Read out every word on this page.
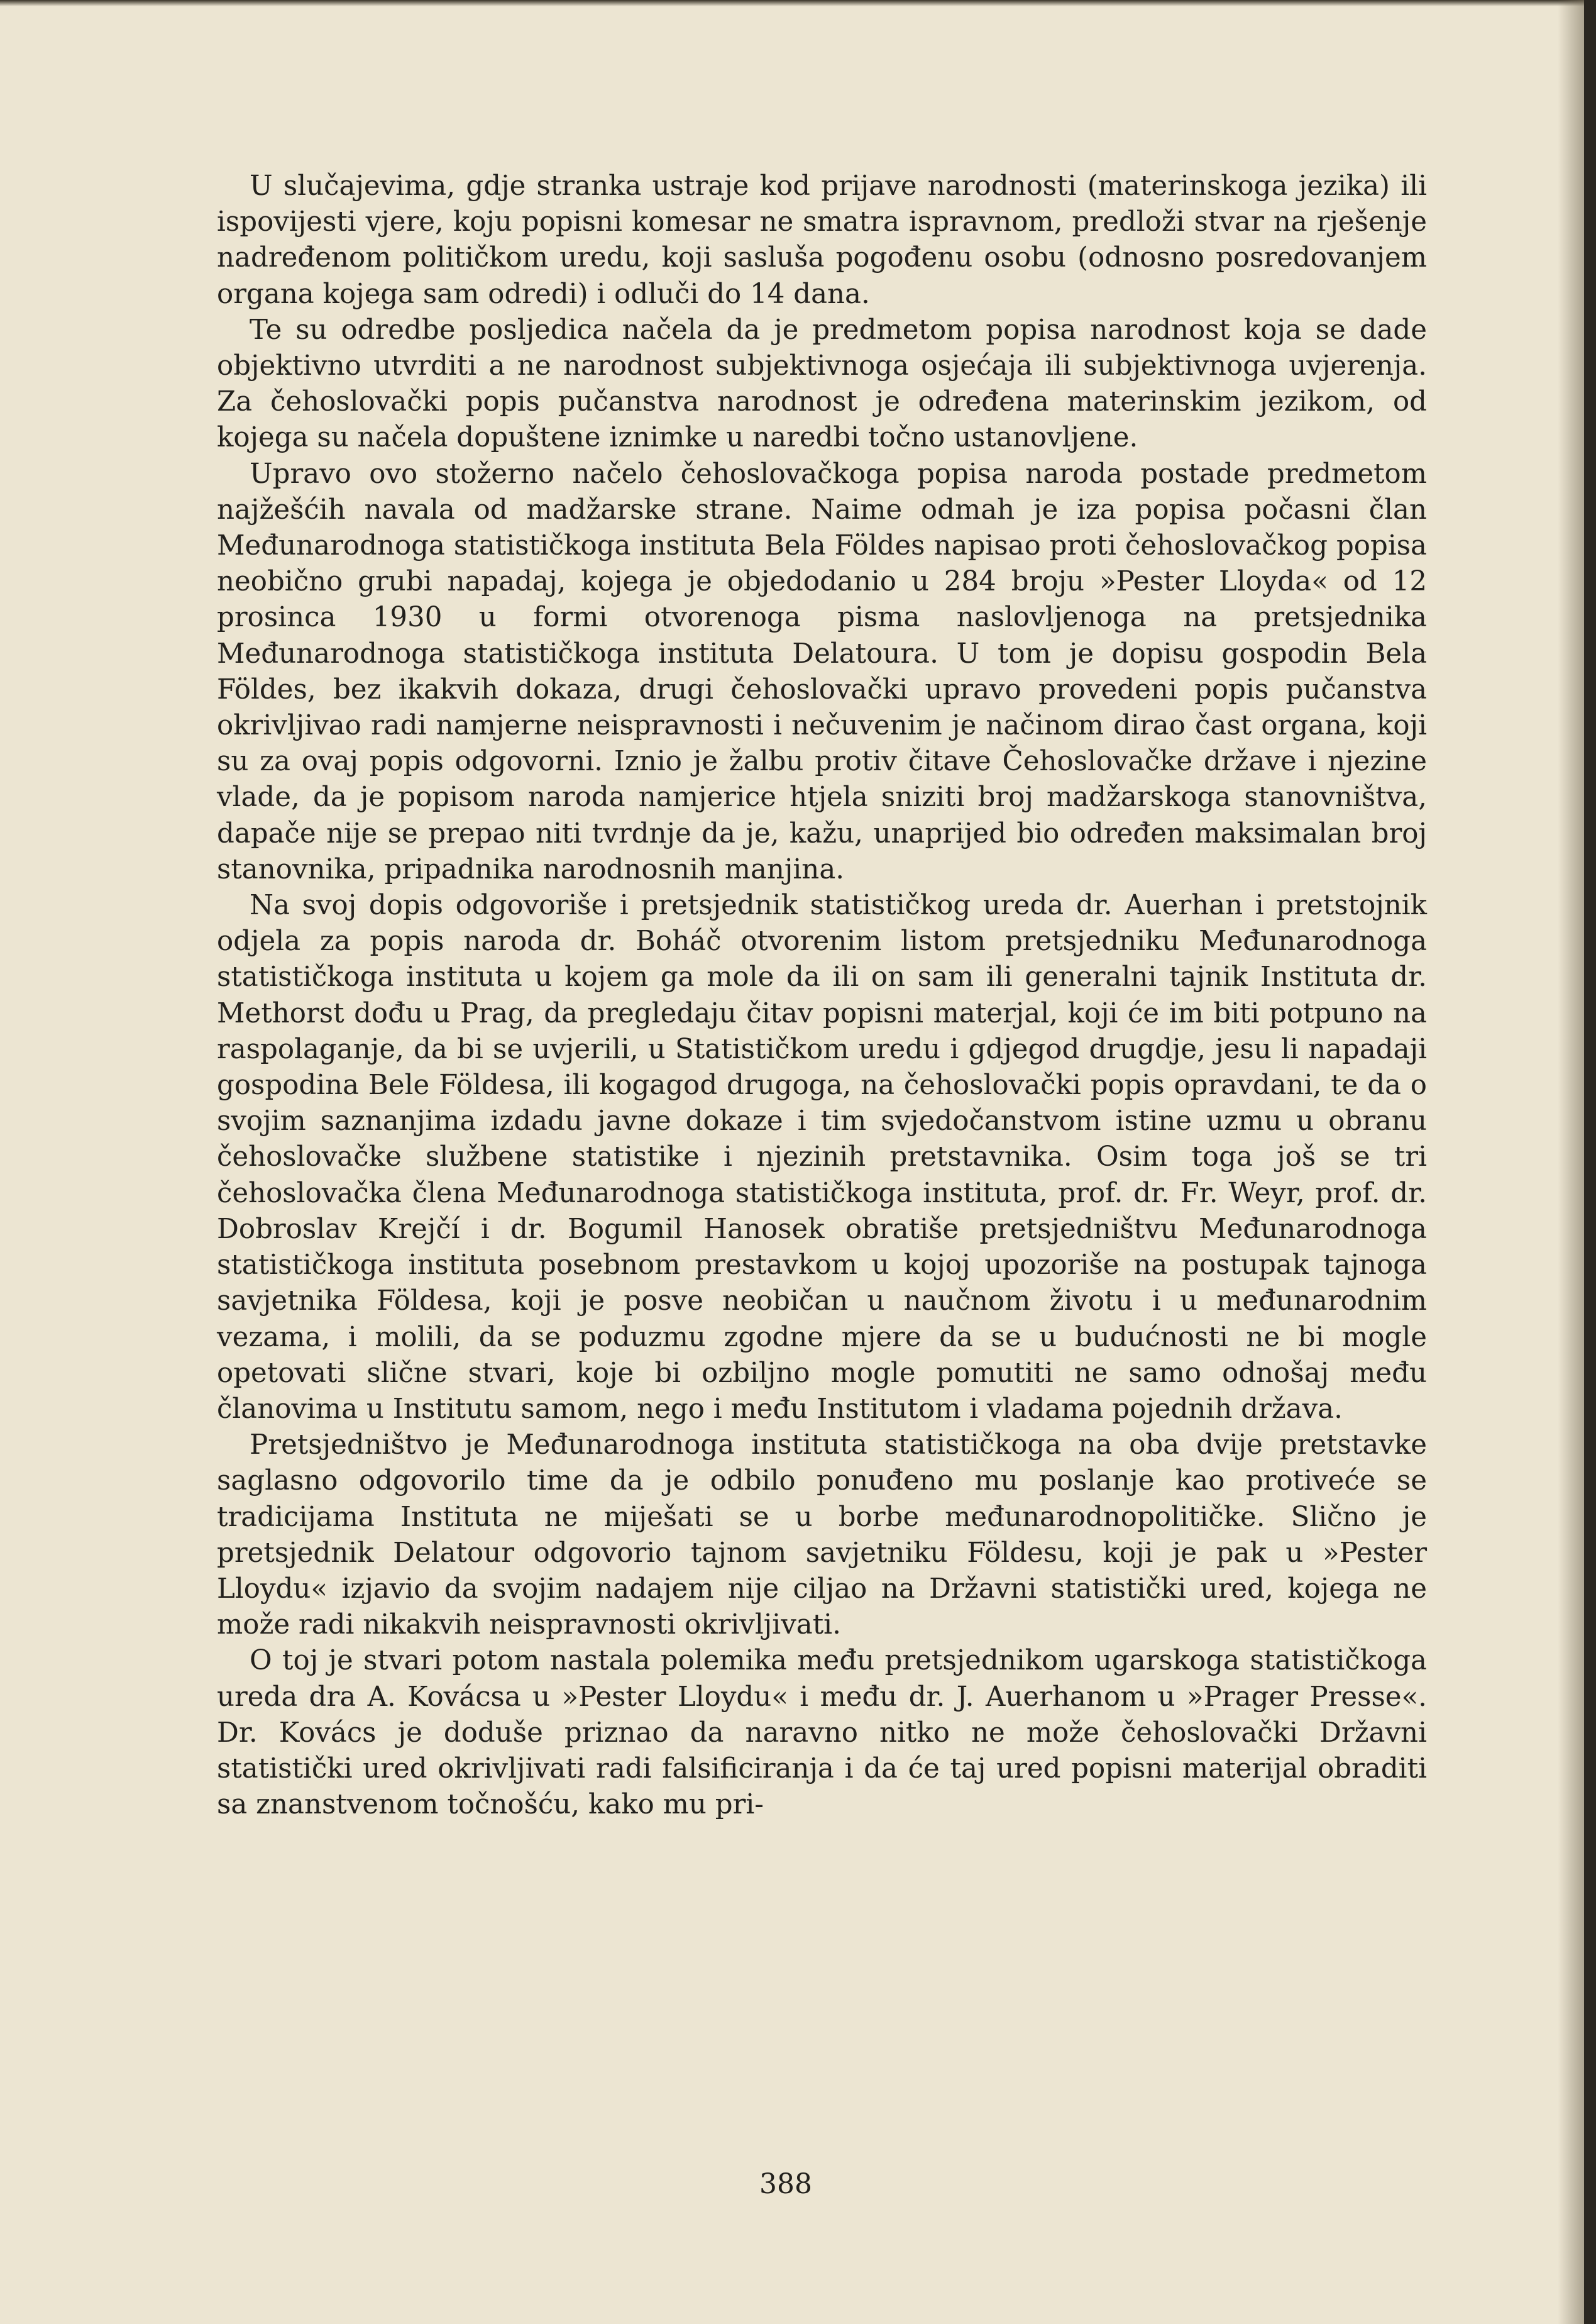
U slučajevima, gdje stranka ustraje kod prijave narodnosti (materinskoga jezika) ili ispovijesti vjere, koju popisni komesar ne smatra ispravnom, predloži stvar na rješenje nadređenom političkom uredu, koji sasluša pogođenu osobu (odnosno posredovanjem organa kojega sam odredi) i odluči do 14 dana.

Te su odredbe posljedica načela da je predmetom popisa narodnost koja se dade objektivno utvrditi a ne narodnost subjektivnoga osjećaja ili subjektivnoga uvjerenja. Za čehoslovački popis pučanstva narodnost je određena materinskim jezikom, od kojega su načela dopuštene iznimke u naredbi točno ustanovljene.

Upravo ovo stožerno načelo čehoslovačkoga popisa naroda postade predmetom najžešćih navala od madžarske strane. Naime odmah je iza popisa počasni član Međunarodnoga statističkoga instituta Bela Földes napisao proti čehoslovačkog popisa neobično grubi napadaj, kojega je objedodanio u 284 broju »Pester Lloyda« od 12 prosinca 1930 u formi otvorenoga pisma naslovljenoga na pretsjednika Međunarodnoga statističkoga instituta Delatoura. U tom je dopisu gospodin Bela Földes, bez ikakvih dokaza, drugi čehoslovački upravo provedeni popis pučanstva okrivljivao radi namjerne neispravnosti i nečuvenim je načinom dirao čast organa, koji su za ovaj popis odgovorni. Iznio je žalbu protiv čitave Čehoslovačke države i njezine vlade, da je popisom naroda namjerice htjela sniziti broj madžarskoga stanovništva, dapače nije se prepao niti tvrdnje da je, kažu, unaprijed bio određen maksimalan broj stanovnika, pripadnika narodnosnih manjina.

Na svoj dopis odgovoriše i pretsjednik statističkog ureda dr. Auerhan i pretstojnik odjela za popis naroda dr. Boháč otvorenim listom pretsjedniku Međunarodnoga statističkoga instituta u kojem ga mole da ili on sam ili generalni tajnik Instituta dr. Methorst dođu u Prag, da pregledaju čitav popisni materjal, koji će im biti potpuno na raspolaganje, da bi se uvjerili, u Statističkom uredu i gdjegod drugdje, jesu li napadaji gospodina Bele Földesa, ili kogagod drugoga, na čehoslovački popis opravdani, te da o svojim saznanjima izdadu javne dokaze i tim svjedočanstvom istine uzmu u obranu čehoslovačke službene statistike i njezinih pretstavnika. Osim toga još se tri čehoslovačka člena Međunarodnoga statističkoga instituta, prof. dr. Fr. Weyr, prof. dr. Dobroslav Krejčí i dr. Bogumil Hanosek obratiše pretsjedništvu Međunarodnoga statističkoga instituta posebnom prestavkom u kojoj upozoriše na postupak tajnoga savjetnika Földesa, koji je posve neobičan u naučnom životu i u međunarodnim vezama, i molili, da se poduzmu zgodne mjere da se u budućnosti ne bi mogle opetovati slične stvari, koje bi ozbiljno mogle pomutiti ne samo odnošaj među članovima u Institutu samom, nego i među Institutom i vladama pojednih država.

Pretsjedništvo je Međunarodnoga instituta statističkoga na oba dvije pretstavke saglasno odgovorilo time da je odbilo ponuđeno mu poslanje kao protiveće se tradicijama Instituta ne miješati se u borbe međunarodnopolitičke. Slično je pretsjednik Delatour odgovorio tajnom savjetniku Földesu, koji je pak u »Pester Lloydu« izjavio da svojim nadajem nije ciljao na Državni statistički ured, kojega ne može radi nikakvih neispravnosti okrivljivati.

O toj je stvari potom nastala polemika među pretsjednikom ugarskoga statističkoga ureda dra A. Kovácsa u »Pester Lloydu« i među dr. J. Auerhanom u »Prager Presse«. Dr. Kovács je doduše priznao da naravno nitko ne može čehoslovački Državni statistički ured okrivljivati radi falsificiranja i da će taj ured popisni materijal obraditi sa znanstvenom točnošću, kako mu pri-

388
